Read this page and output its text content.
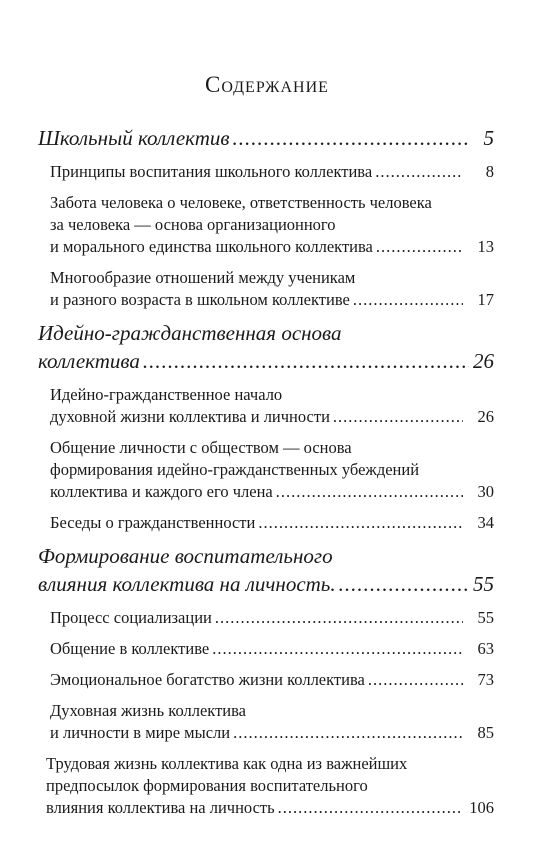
Содержание
Школьный коллектив .....	5
Принципы воспитания школьного коллектива .....	8
Забота человека о человеке, ответственность человека
за человека — основа организационного
и морального единства школьного коллектива .....	13
Многообразие отношений между ученикам
и разного возраста в школьном коллективе .....	17
Идейно-гражданственная основа
коллектива .....	26
Идейно-гражданственное начало
духовной жизни коллектива и личности .....	26
Общение личности с обществом — основа
формирования идейно-гражданственных убеждений
коллектива и каждого его члена .....	30
Беседы о гражданственности .....	34
Формирование воспитательного
влияния коллектива на личность. .....	55
Процесс социализации .....	55
Общение в коллективе .....	63
Эмоциональное богатство жизни коллектива .....	73
Духовная жизнь коллектива
и личности в мире мысли .....	85
Трудовая жизнь коллектива как одна из важнейших
предпосылок формирования воспитательного
влияния коллектива на личность .....	106
